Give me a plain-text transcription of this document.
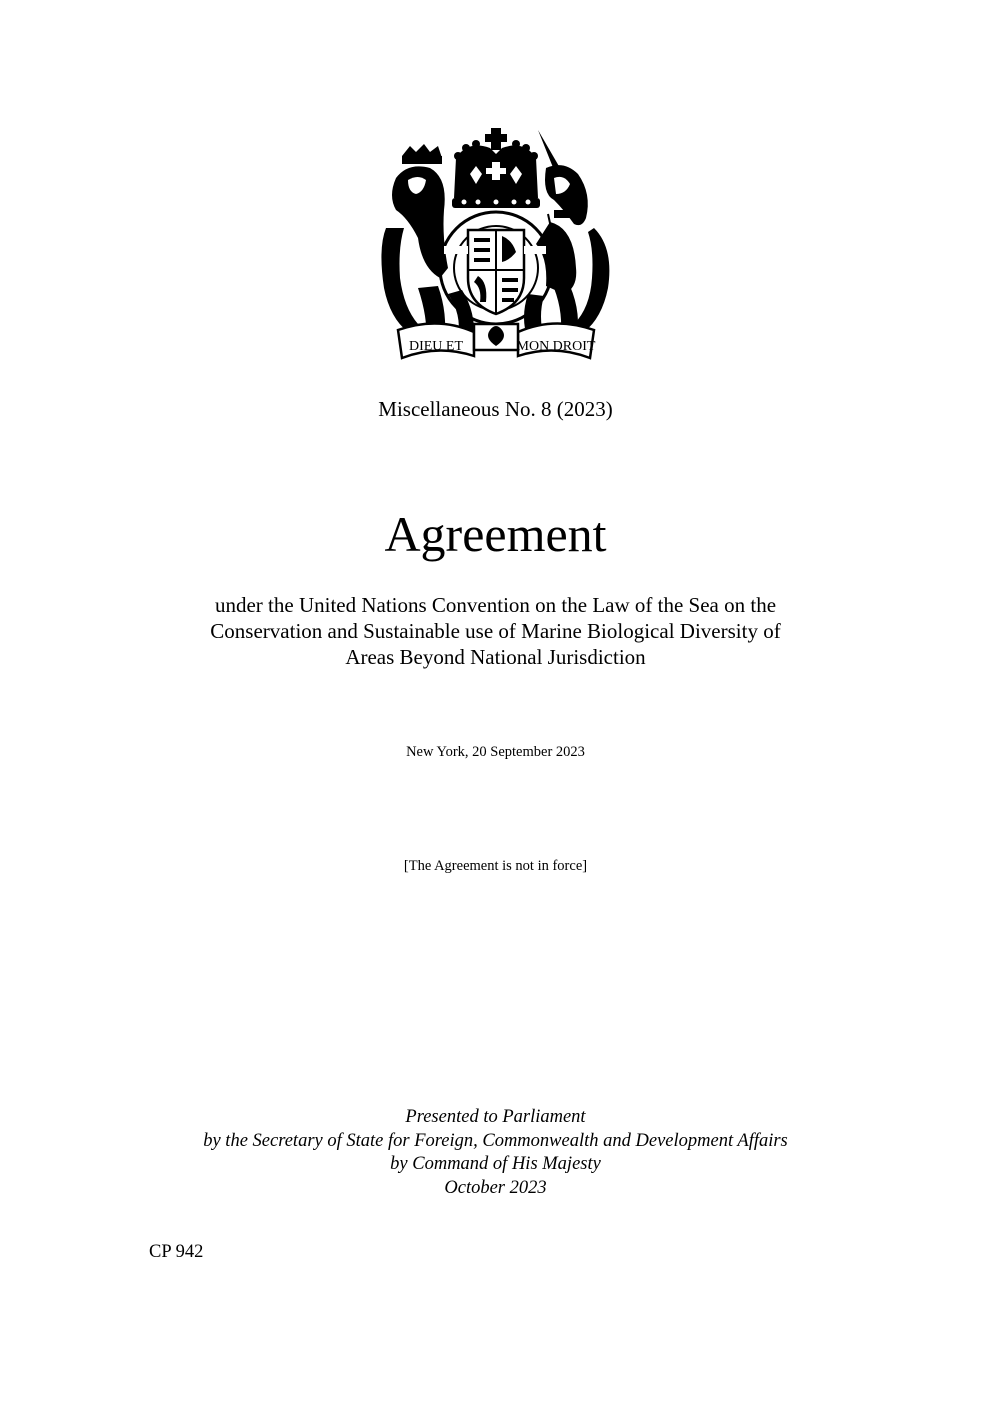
DIEU ET	MON DROIT
Miscellaneous No. 8 (2023)
Agreement
under the United Nations Convention on the Law of the Sea on the
Conservation and Sustainable use of Marine Biological Diversity of
Areas Beyond National Jurisdiction
New York, 20 September 2023
[The Agreement is not in force]
Presented to Parliament
by the Secretary of State for Foreign, Commonwealth and Development Affairs
by Command of His Majesty
October 2023
CP 942
